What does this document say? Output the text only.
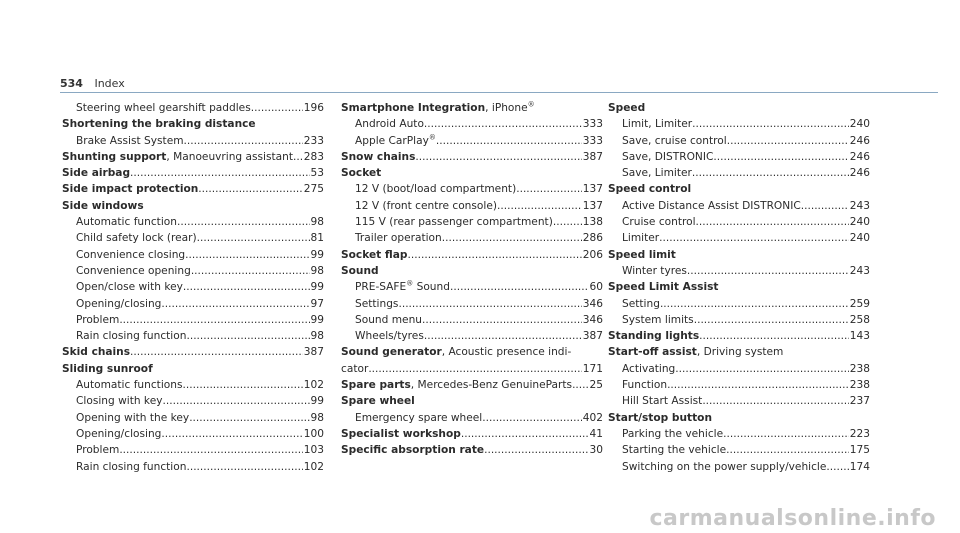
534 Index
Steering wheel gearshift paddles	196
.....
Shortening the braking distance
Brake Assist System	233
.....
Shunting support, Manoeuvring assistant 283
.....
Side airbag	53
.....
Side impact protection	275
.....
Side windows
Automatic function	98
.....
Child safety lock (rear)	81
.....
Convenience closing	99
.....
Convenience opening	98
.....
Open/close with key	99
.....
Opening/closing	97
.....
Problem	99
.....
Rain closing function	98
.....
Skid chains	387
.....
Sliding sunroof
Automatic functions	102
.....
Closing with key	99
.....
Opening with the key	98
.....
Opening/closing	100
.....
Problem	103
.....
Rain closing function	102
.....
Smartphone Integration, iPhone®
Android Auto	333
.....
Apple CarPlay®	333
.....
Snow chains	387
.....
Socket
12 V (boot/load compartment)	137
.....
12 V (front centre console)	137
.....
115 V (rear passenger compartment)	138
.....
Trailer operation	286
.....
Socket flap	206
.....
Sound
PRE-SAFE® Sound	60
.....
Settings	346
.....
Sound menu	346
.....
Wheels/tyres	387
.....
Sound generator, Acoustic presence indi-
cator	171
.....
Spare parts, Mercedes-Benz GenuineParts 25
.....
Spare wheel
Emergency spare wheel	402
.....
Specialist workshop	41
.....
Specific absorption rate	30
.....
Speed
Limit, Limiter	240
.....
Save, cruise control	246
.....
Save, DISTRONIC	246
.....
Save, Limiter	246
.....
Speed control
Active Distance Assist DISTRONIC	243
.....
Cruise control	240
.....
Limiter	240
.....
Speed limit
Winter tyres	243
.....
Speed Limit Assist
Setting	259
.....
System limits	258
.....
Standing lights	143
.....
Start-off assist, Driving system
Activating	238
.....
Function	238
.....
Hill Start Assist	237
.....
Start/stop button
Parking the vehicle	223
.....
Starting the vehicle	175
.....
Switching on the power supply/vehicle 174
.....
carmanualsonline.info
